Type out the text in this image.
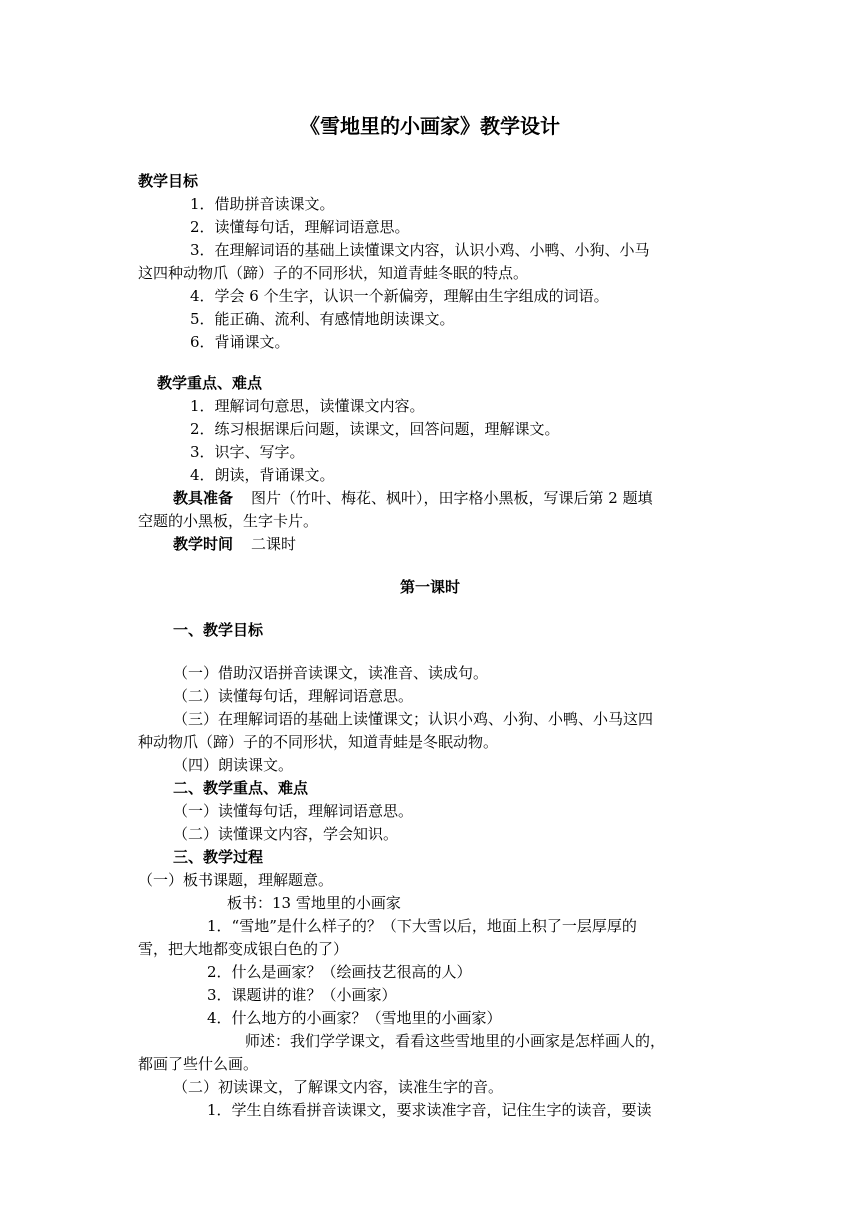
《雪地里的小画家》教学设计
教学目标
1．借助拼音读课文。
2．读懂每句话，理解词语意思。
3．在理解词语的基础上读懂课文内容，认识小鸡、小鸭、小狗、小马
这四种动物爪（蹄）子的不同形状，知道青蛙冬眠的特点。
4．学会 6 个生字，认识一个新偏旁，理解由生字组成的词语。
5．能正确、流利、有感情地朗读课文。
6．背诵课文。
教学重点、难点
1．理解词句意思，读懂课文内容。
2．练习根据课后问题，读课文，回答问题，理解课文。
3．识字、写字。
4．朗读，背诵课文。
教具准备 图片（竹叶、梅花、枫叶），田字格小黑板，写课后第 2 题填
空题的小黑板，生字卡片。
教学时间 二课时
第一课时
一、教学目标
（一）借助汉语拼音读课文，读准音、读成句。
（二）读懂每句话，理解词语意思。
（三）在理解词语的基础上读懂课文；认识小鸡、小狗、小鸭、小马这四
种动物爪（蹄）子的不同形状，知道青蛙是冬眠动物。
（四）朗读课文。
二、教学重点、难点
（一）读懂每句话，理解词语意思。
（二）读懂课文内容，学会知识。
三、教学过程
（一）板书课题，理解题意。
板书：13 雪地里的小画家
1．“雪地”是什么样子的？（下大雪以后，地面上积了一层厚厚的
雪，把大地都变成银白色的了）
2．什么是画家？（绘画技艺很高的人）
3．课题讲的谁？（小画家）
4．什么地方的小画家？（雪地里的小画家）
师述：我们学学课文，看看这些雪地里的小画家是怎样画人的，
都画了些什么画。
（二）初读课文，了解课文内容，读准生字的音。
1．学生自练看拼音读课文，要求读准字音，记住生字的读音，要读
